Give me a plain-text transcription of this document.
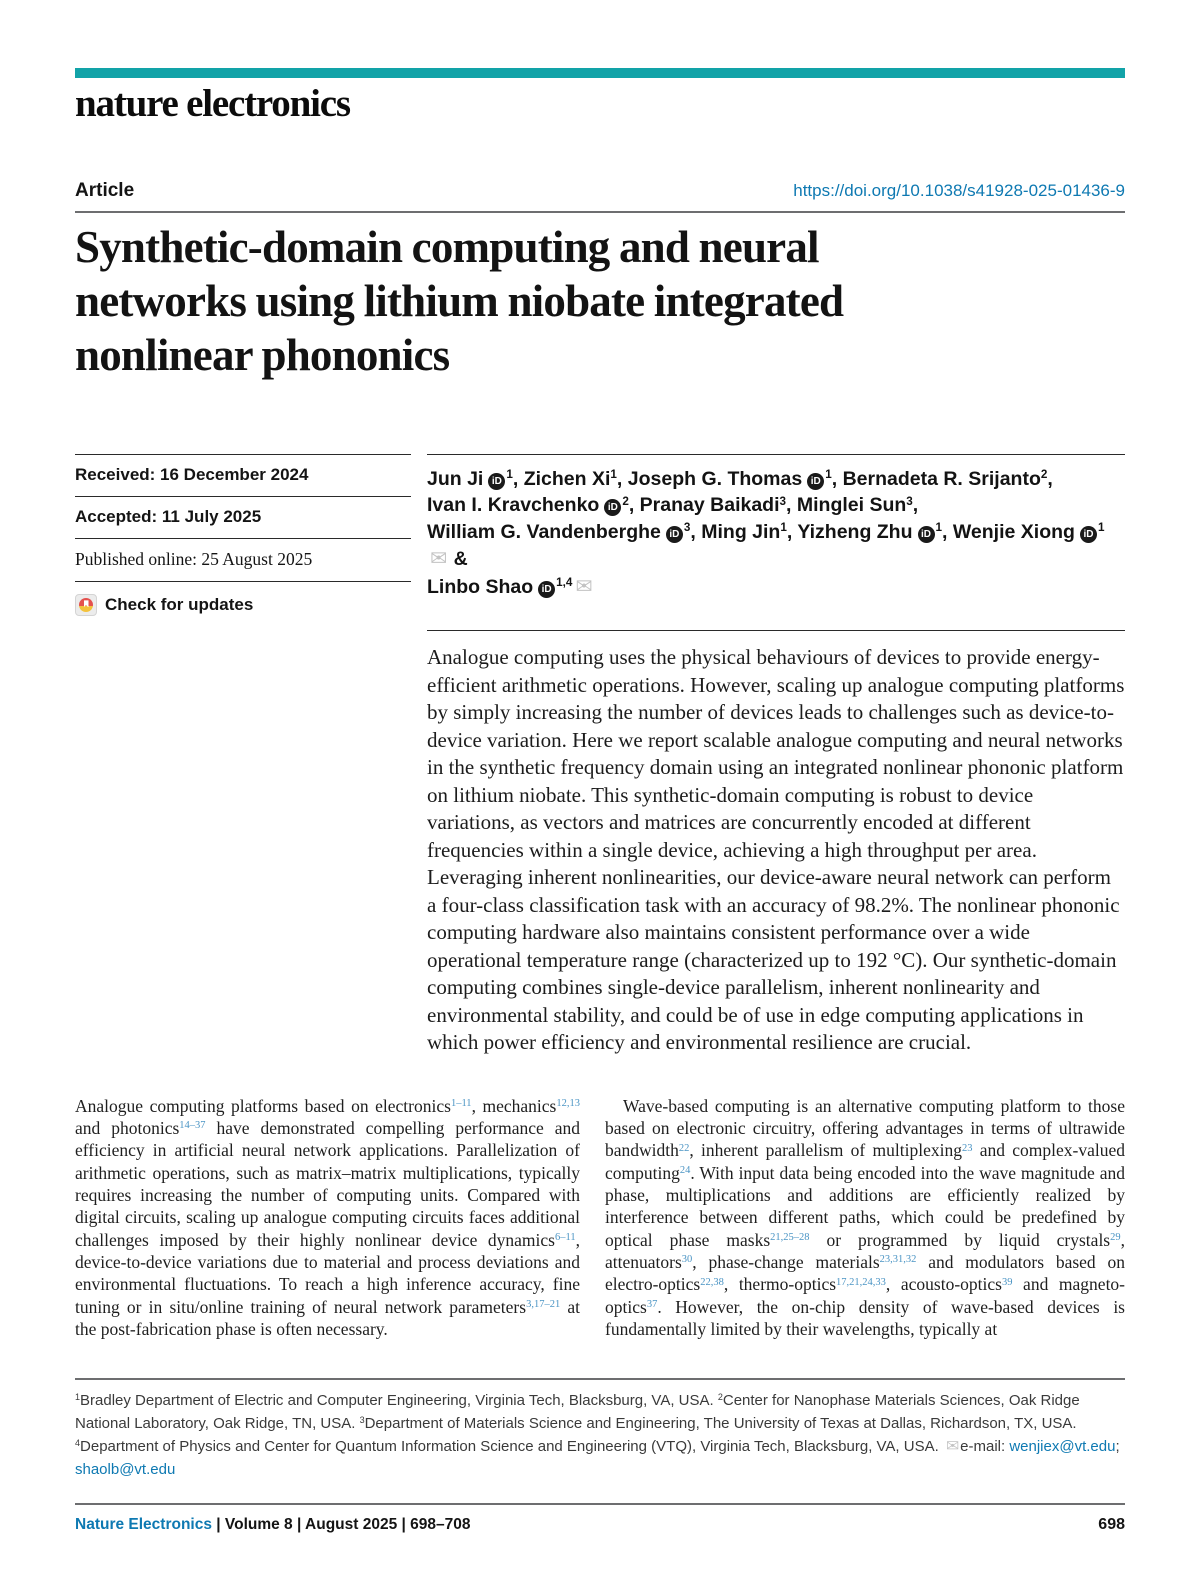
nature electronics
Article	https://doi.org/10.1038/s41928-025-01436-9
Synthetic-domain computing and neural
networks using lithium niobate integrated
nonlinear phononics
Received: 16 December 2024
Accepted: 11 July 2025
Published online: 25 August 2025
Check for updates
Jun Ji iD $^1$, Zichen Xi$^1$, Joseph G. Thomas iD $^1$, Bernadeta R. Srijanto$^2$,
Ivan I. Kravchenko iD $^2$, Pranay Baikadi$^3$, Minglei Sun$^3$,
William G. Vandenberghe iD $^3$, Ming Jin$^1$, Yizheng Zhu iD $^1$, Wenjie Xiong iD $^1$✉ &
Linbo Shao iD $^{1,4}$ ✉

Analogue computing uses the physical behaviours of devices to provide energy-efficient arithmetic operations. However, scaling up analogue computing platforms by simply increasing the number of devices leads to challenges such as device-to-device variation. Here we report scalable analogue computing and neural networks in the synthetic frequency domain using an integrated nonlinear phononic platform on lithium niobate. This synthetic-domain computing is robust to device variations, as vectors and matrices are concurrently encoded at different frequencies within a single device, achieving a high throughput per area. Leveraging inherent nonlinearities, our device-aware neural network can perform a four-class classification task with an accuracy of 98.2%. The nonlinear phononic computing hardware also maintains consistent performance over a wide operational temperature range (characterized up to 192 °C). Our synthetic-domain computing combines single-device parallelism, inherent nonlinearity and environmental stability, and could be of use in edge computing applications in which power efficiency and environmental resilience are crucial.

Analogue computing platforms based on electronics$^{1-11}$, mechanics$^{12,13}$ and photonics$^{14-37}$ have demonstrated compelling performance and efficiency in artificial neural network applications. Parallelization of arithmetic operations, such as matrix–matrix multiplications, typically requires increasing the number of computing units. Compared with digital circuits, scaling up analogue computing circuits faces additional challenges imposed by their highly nonlinear device dynamics$^{6-11}$, device-to-device variations due to material and process deviations and environmental fluctuations. To reach a high inference accuracy, fine tuning or in situ/online training of neural network parameters$^{3,17-21}$ at the post-fabrication phase is often necessary.

Wave-based computing is an alternative computing platform to those based on electronic circuitry, offering advantages in terms of ultrawide bandwidth$^{22}$, inherent parallelism of multiplexing$^{23}$ and complex-valued computing$^{24}$. With input data being encoded into the wave magnitude and phase, multiplications and additions are efficiently realized by interference between different paths, which could be predefined by optical phase masks$^{21,25-28}$ or programmed by liquid crystals$^{29}$, attenuators$^{30}$, phase-change materials$^{23,31,32}$ and modulators based on electro-optics$^{22,38}$, thermo-optics$^{17,21,24,33}$, acousto-optics$^{39}$ and magneto-optics$^{37}$. However, the on-chip density of wave-based devices is fundamentally limited by their wavelengths, typically at

$^1$Bradley Department of Electric and Computer Engineering, Virginia Tech, Blacksburg, VA, USA. $^2$Center for Nanophase Materials Sciences, Oak Ridge National Laboratory, Oak Ridge, TN, USA. $^3$Department of Materials Science and Engineering, The University of Texas at Dallas, Richardson, TX, USA. $^4$Department of Physics and Center for Quantum Information Science and Engineering (VTQ), Virginia Tech, Blacksburg, VA, USA. ✉e-mail: wenjiex@vt.edu; shaolb@vt.edu

Nature Electronics | Volume 8 | August 2025 | 698–708	698
